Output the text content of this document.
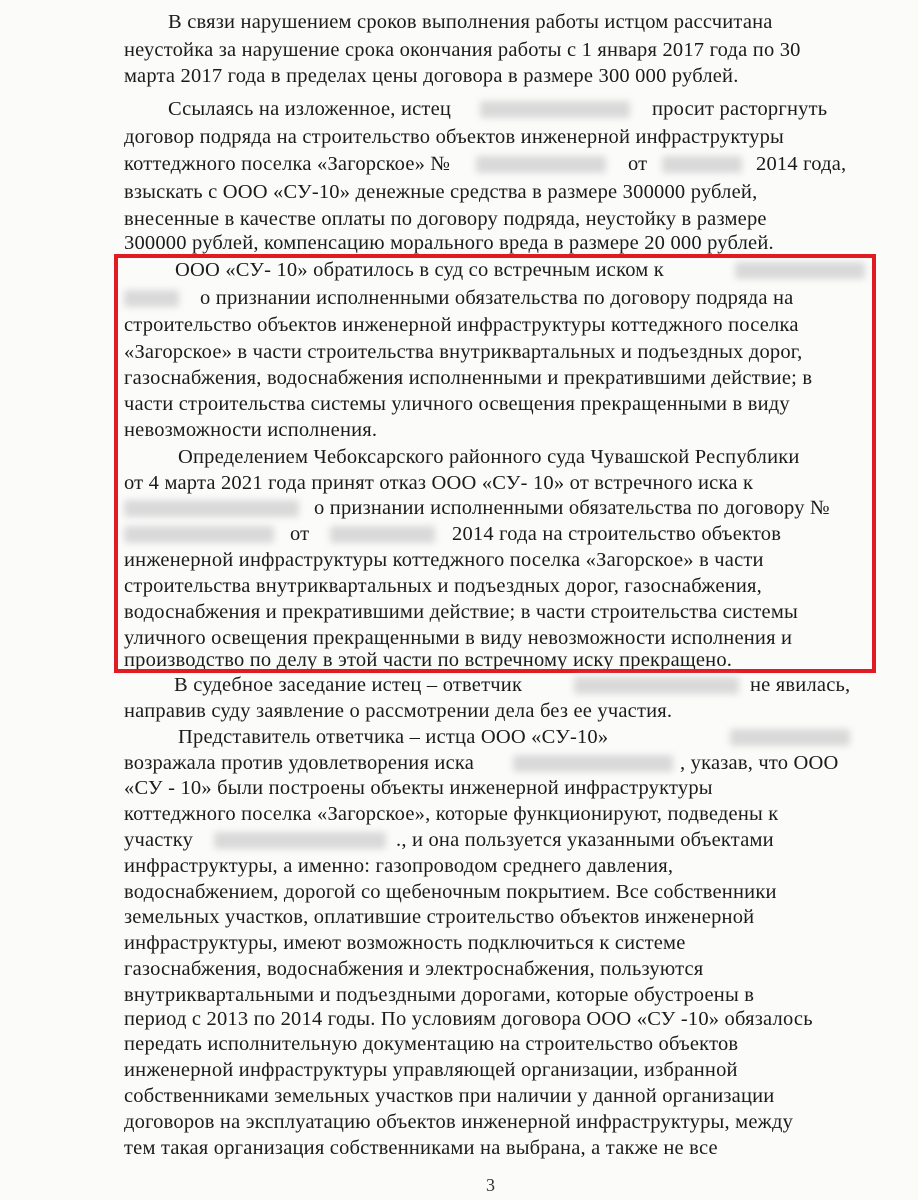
В связи нарушением сроков выполнения работы истцом рассчитана
неустойка за нарушение срока окончания работы с 1 января 2017 года по 30
марта 2017 года в пределах цены договора в размере 300 000 рублей.
Ссылаясь на изложенное, истец	просит расторгнуть
договор подряда на строительство объектов инженерной инфраструктуры
коттеджного поселка «Загорское» №	от	2014 года,
взыскать с ООО «СУ-10» денежные средства в размере 300000 рублей,
внесенные в качестве оплаты по договору подряда, неустойку в размере
300000 рублей, компенсацию морального вреда в размере 20 000 рублей.
ООО «СУ- 10» обратилось в суд со встречным иском к
о признании исполненными обязательства по договору подряда на
строительство объектов инженерной инфраструктуры коттеджного поселка
«Загорское» в части строительства внутриквартальных и подъездных дорог,
газоснабжения, водоснабжения исполненными и прекратившими действие; в
части строительства системы уличного освещения прекращенными в виду
невозможности исполнения.
Определением Чебоксарского районного суда Чувашской Республики
от 4 марта 2021 года принят отказ ООО «СУ- 10» от встречного иска к
о признании исполненными обязательства по договору №
от	2014 года на строительство объектов
инженерной инфраструктуры коттеджного поселка «Загорское» в части
строительства внутриквартальных и подъездных дорог, газоснабжения,
водоснабжения и прекратившими действие; в части строительства системы
уличного освещения прекращенными в виду невозможности исполнения и
производство по делу в этой части по встречному иску прекращено.
В судебное заседание истец – ответчик	не явилась,
направив суду заявление о рассмотрении дела без ее участия.
Представитель ответчика – истца ООО «СУ-10»
возражала против удовлетворения иска	, указав, что ООО
«СУ - 10» были построены объекты инженерной инфраструктуры
коттеджного поселка «Загорское», которые функционируют, подведены к
участку	., и она пользуется указанными объектами
инфраструктуры, а именно: газопроводом среднего давления,
водоснабжением, дорогой со щебеночным покрытием. Все собственники
земельных участков, оплатившие строительство объектов инженерной
инфраструктуры, имеют возможность подключиться к системе
газоснабжения, водоснабжения и электроснабжения, пользуются
внутриквартальными и подъездными дорогами, которые обустроены в
период с 2013 по 2014 годы. По условиям договора ООО «СУ -10» обязалось
передать исполнительную документацию на строительство объектов
инженерной инфраструктуры управляющей организации, избранной
собственниками земельных участков при наличии у данной организации
договоров на эксплуатацию объектов инженерной инфраструктуры, между
тем такая организация собственниками на выбрана, а также не все
3
